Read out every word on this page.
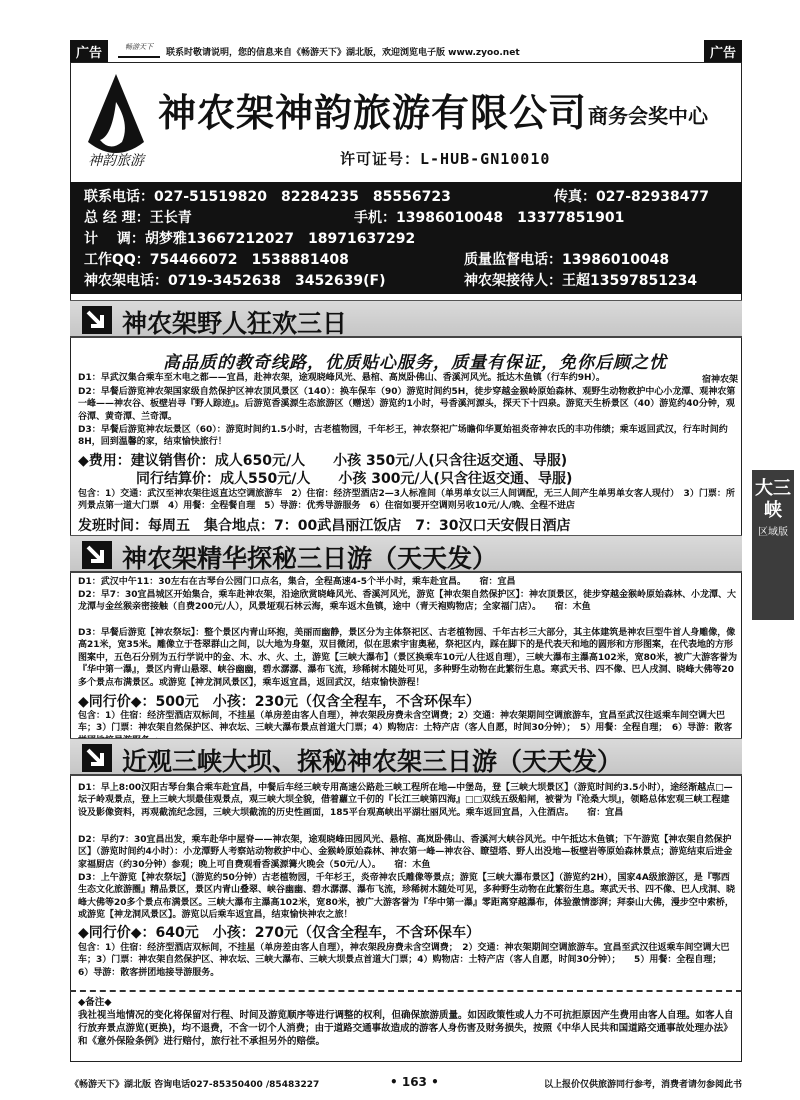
广告	畅游天下
联系时敬请说明，您的信息来自《畅游天下》湖北版，欢迎浏览电子版 www.zyoo.net	广告
神韵旅游
神农架神韵旅游有限公司 商务会奖中心
许可证号：L-HUB-GN10010
联系电话：027-51519820　82284235　85556723	传真：027-82938477
总 经 理：王长青	手机：13986010048　13377851901
计　 调：胡梦雅13667212027　18971637292
工作QQ：754466072　1538881408	质量监督电话：13986010048
神农架电话：0719-3452638　3452639(F)	神农架接待人：王超13597851234
神农架野人狂欢三日
高品质的教奇线路，优质贴心服务，质量有保证，免你后顾之忧
D1：早武汉集合乘车至木电之都——宜昌，赴神农架，途观晓峰风光、悬棺、高岚卧佛山、香溪河风光。抵达木鱼镇（行车约9H）。	宿神农架
D2：早餐后游览神农架国家级自然保护区神农顶风景区（140）：换车保车（90）游览时间约5H，徒步穿越金猴岭原始森林、观野生动物救护中心小龙潭、观神农第一峰——神农谷、板壁岩寻『野人踪迹』。后游览香溪源生态旅游区（赠送）游览约1小时，号香溪河源头，探天下十四泉。游览天生桥景区（40）游览约40分钟，观谷潭、黄奇潭、兰奇潭。
D3：早餐后游览神农坛景区（60）：游览时间约1.5小时，古老植物园，千年杉王，神农祭祀广场瞻仰华夏始祖炎帝神农氏的丰功伟绩；乘车返回武汉，行车时间约8H，回到温馨的家，结束愉快旅行！
◆费用：建议销售价：成人650元/人　　小孩 350元/人(只含往返交通、导服)
同行结算价：成人550元/人　　小孩 300元/人(只含往返交通、导服)
包含：1）交通：武汉至神农架往返直达空调旅游车　2）住宿：经济型酒店2—3人标准间（单男单女以三人间调配，无三人间产生单男单女客人现付）　3）门票：所列景点第一道大门票　4）用餐：全程餐自理　5）导游：优秀导游服务　6）住宿如要开空调则另收10元/人/晚、全程不进店
发班时间：每周五　集合地点：7：00武昌丽江饭店　7：30汉口天安假日酒店
神农架精华探秘三日游（天天发）
D1：武汉中午11：30左右在古琴台公园门口点名，集合，全程高速4-5个半小时，乘车赴宜昌。　　宿：宜昌
D2：早7：30宜昌城区开始集合，乘车赴神农架，沿途欣赏晓峰风光、香溪河风光，游览【神农架自然保护区】：神农顶景区，徒步穿越金猴岭原始森林、小龙潭、大龙潭与金丝猴亲密接触（自费200元/人），风景垭观石林云海，乘车返木鱼镇，途中（青天袍购物店；全家福门店）。　　宿：木鱼
D3：早餐后游览【神农祭坛】：整个景区内青山环抱，美丽而幽静，景区分为主体祭祀区、古老植物园、千年古杉三大部分，其主体建筑是神农巨型牛首人身雕像，像高21米，宽35米。雕像立于苍翠群山之间，以大地为身躯，双目微闭，似在思索宇宙奥秘，祭祀区内，踩在脚下的是代表天和地的圆形和方形图案，在代表地的方形图案中，五色石分别为五行学说中的金、木、水、火、土，游览【三峡大瀑布】（景区换乘车10元/人往返自理），三峡大瀑布主瀑高102米，宽80米，被广大游客誉为『华中第一瀑』，景区内青山悬翠、峡谷幽幽，碧水潺潺、瀑布飞流，珍稀树木随处可见，多种野生动物在此繁衍生息。寒武天书、四不像、巴人戌洞、晓峰大佛等20多个景点布满景区。或游览【神龙洞风景区】，乘车返宜昌，返回武汉，结束愉快游程！
◆同行价◆：500元　小孩：230元（仅含全程车，不含环保车）
包含：1）住宿：经济型酒店双标间，不挂星（单房差由客人自理），神农架段房费未含空调费；2）交通：神农架期间空调旅游车，宜昌至武汉往返乘车间空调大巴车；3）门票：神农架自然保护区、神农坛、三峡大瀑布景点首道大门票；4）购物店：土特产店（客人自愿，时间30分钟）；　5）用餐：全程自理；　6）导游：散客
近观三峡大坝、探秘神农架三日游（天天发）
D1：早上8:00汉阳古琴台集合乘车赴宜昌，中餐后车经三峡专用高速公路赴三峡工程所在地—中堡岛，登【三峡大坝景区】（游览时间约3.5小时），途经渐越点□—坛子岭观景点，登上三峡大坝最佳观景点，观三峡大坝全貌，借着蘿立千仞的『长江三峡第四海』□□双线五级船闸，被誉为『沧桑大坝』，领略总体宏观三峡工程建设及影像资料，再观截流纪念园，三峡大坝截流的历史性画面，185平台观高峡出平湖壮丽风光。乘车返回宜昌，入住酒店。　　宿：宜昌
D2：早约7：30宜昌出发，乘车赴华中屋脊——神农架，途观晓峰田园风光、悬棺、高岚卧佛山、香溪河大峡谷风光。中午抵达木鱼镇；下午游览【神农架自然保护区】（游览时间约4小时）：小龙潭野人考察站动物救护中心、金猴岭原始森林、神农第一峰—神农谷、瞭望塔、野人出没地—板壁岩等原始森林景点；游览结束后进金家福厨店（约30分钟）参观；晚上可自费观看香溪源篝火晚会（50元/人）。　　宿：木鱼
D3：上午游览【神农祭坛】（游览约50分钟）古老植物园，千年杉王，炎帝神农氏雕像等景点；游览【三峡大瀑布景区】（游览约2H），国家4A级旅游区，是『鄂西生态文化旅游圈』精品景区，景区内青山叠翠、峡谷幽幽、碧水潺潺、瀑布飞流，珍稀树木随处可见，多种野生动物在此繁衍生息。寒武天书、四不像、巴人戌洞、晓峰大佛等20多个景点布满景区。三峡大瀑布主瀑高102米，宽80米，被广大游客誉为『华中第一瀑』零距离穿越瀑布，体验激情澎湃；拜泰山大佛，漫步空中索桥，或游览【神龙洞风景区】。游览以后乘车返宜昌，结束愉快神农之旅！
◆同行价◆：640元　小孩：270元（仅含全程车，不含环保车）
包含：1）住宿：经济型酒店双标间，不挂星（单房差由客人自理），神农架段房费未含空调费；　2）交通：神农架期间空调旅游车。宜昌至武汉往返乘车间空调大巴车；3）门票：神农架自然保护区、神农坛、三峡大瀑布、三峡大坝景点首道大门票；4）购物店：土特产店（客人自愿，时间30分钟）；　　5）用餐：全程自理；　　6）导游：散客拼团地接导游服务。
大三峡
区域版
◆备注◆
我社视当地情况的变化将保留对行程、时间及游览顺序等进行调整的权利，但确保旅游质量。如因政策性或人力不可抗拒原因产生费用由客人自理。如客人自行放弃景点游览(更换)，均不退费，不含一切个人消费；由于道路交通事故造成的游客人身伤害及财务损失，按照《中华人民共和国道路交通事故处理办法》和《意外保险条例》进行赔付，旅行社不承担另外的赔偿。
《畅游天下》湖北版 咨询电话027-85350400 /85483227	• 163 •	以上报价仅供旅游同行参考，消费者请勿参阅此书
